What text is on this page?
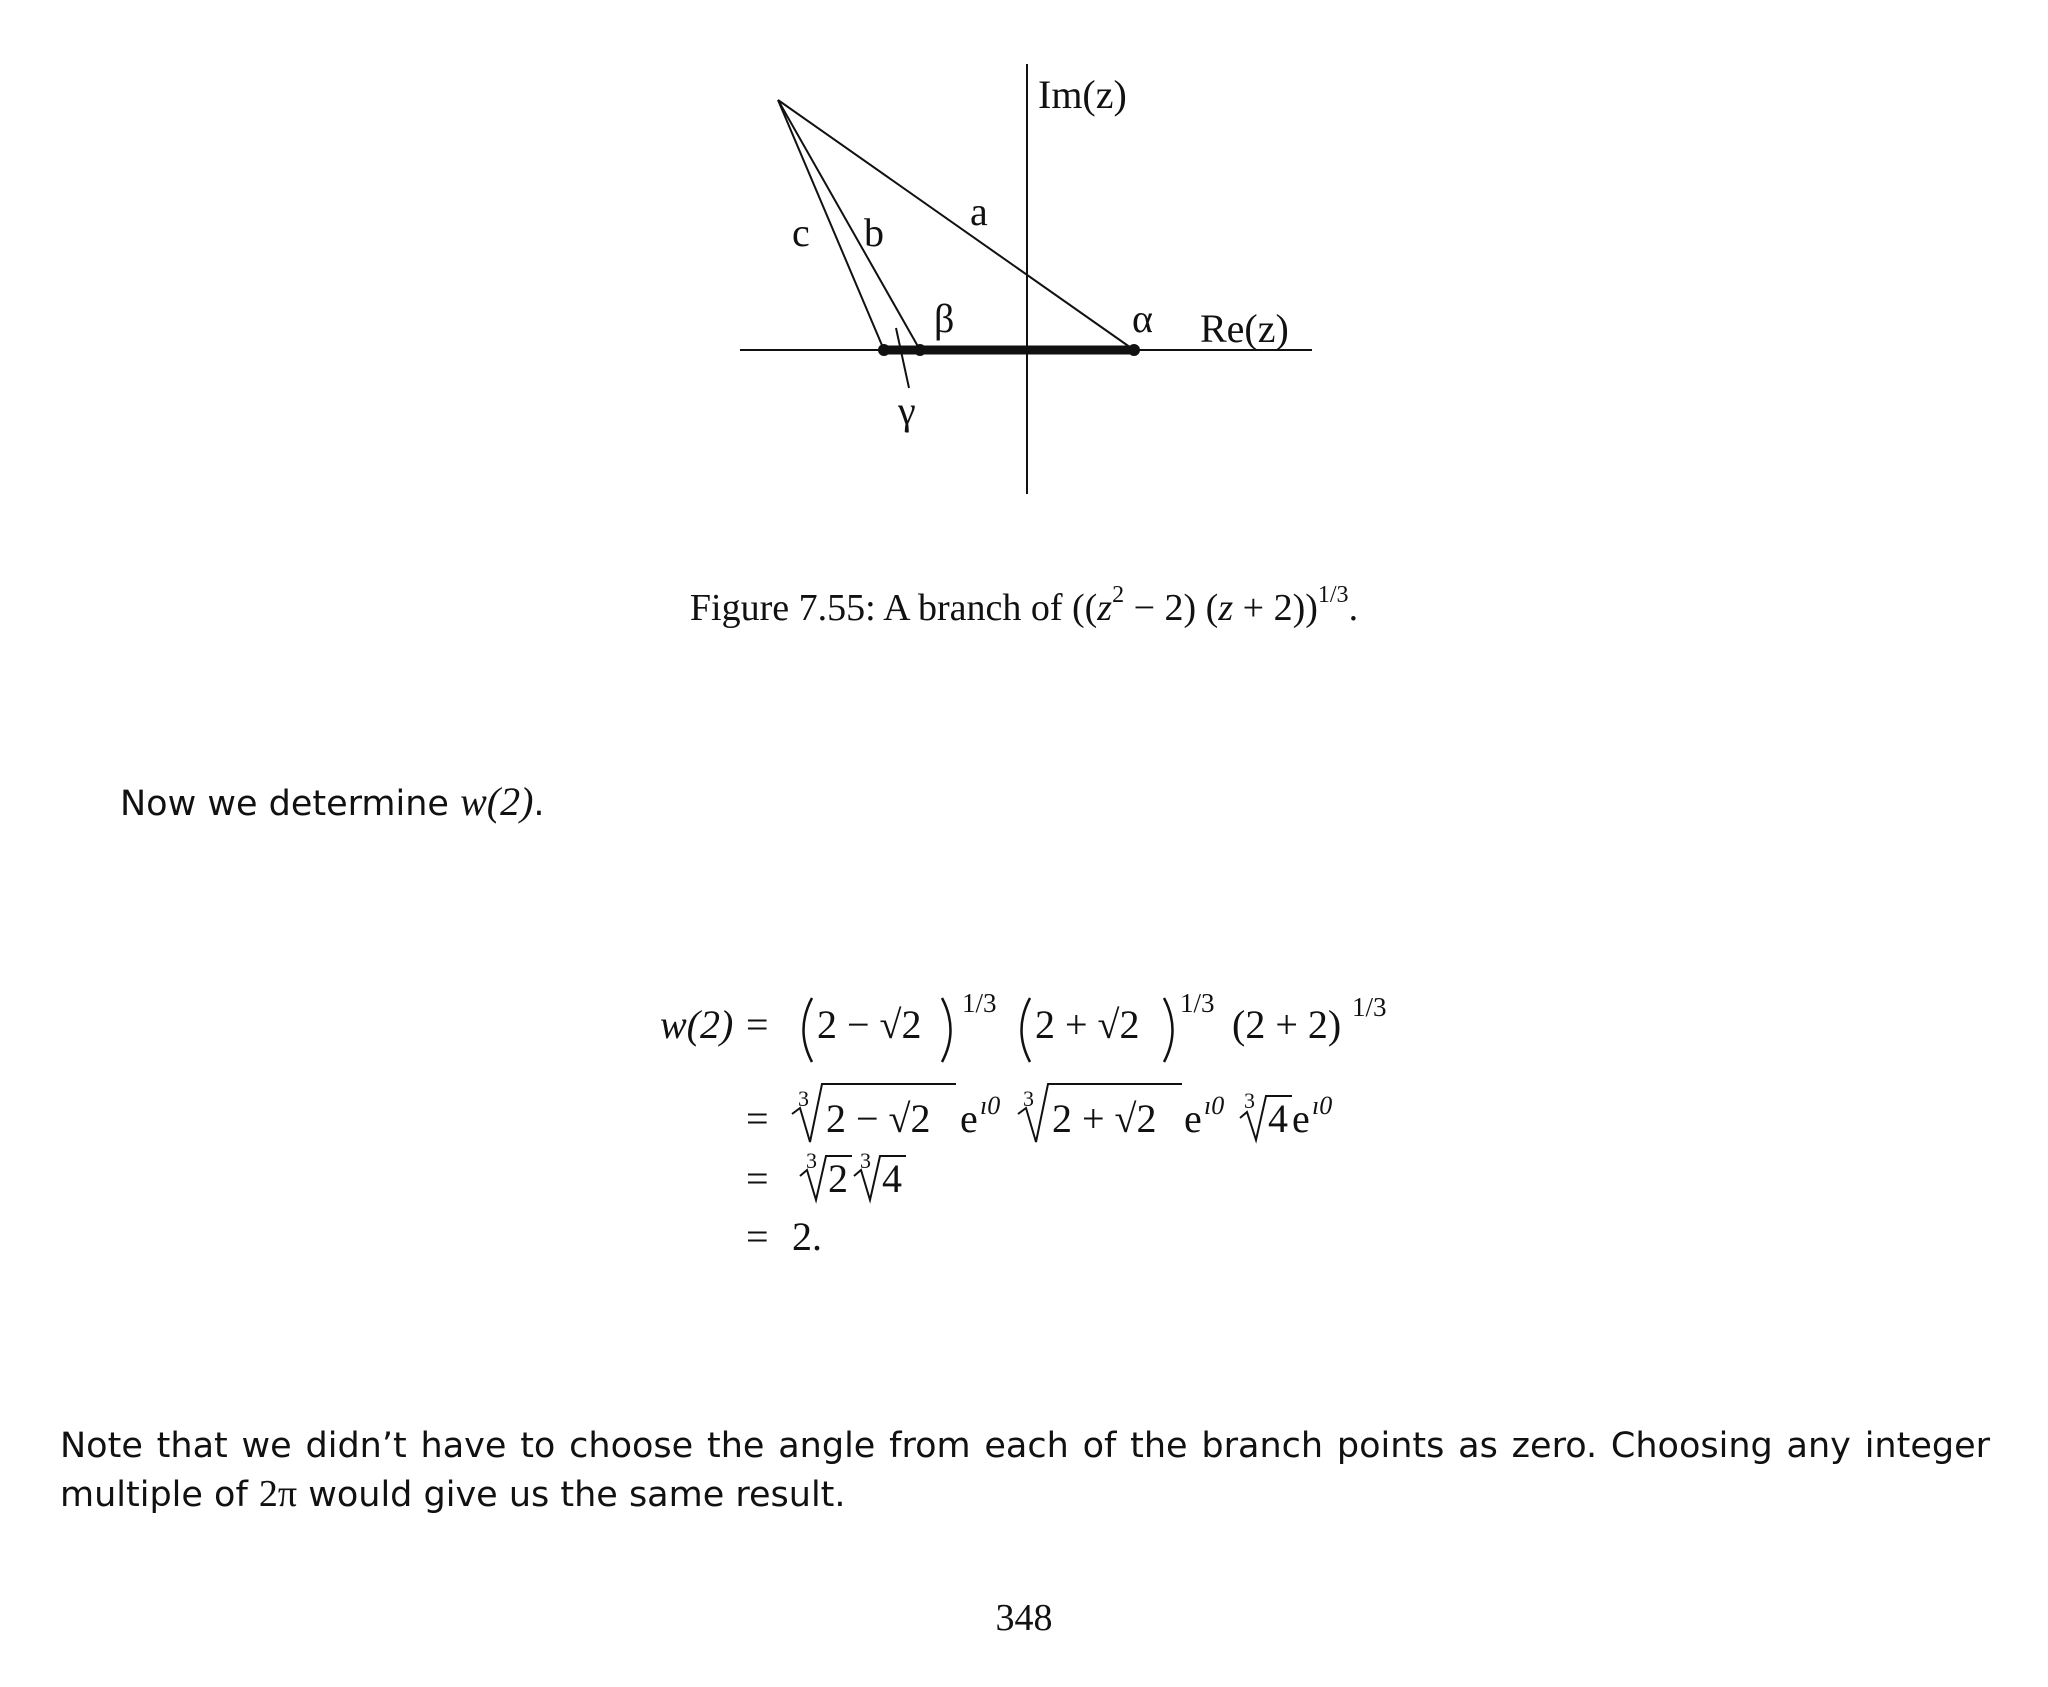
Im(z)
Re(z)
a
b
c
α
β
γ
Figure 7.55: A branch of $((z^2 - 2) (z + 2))^{1/3}$.
Now we determine w(2).
w(2) = 2 − √2 1/3 2 + √2 1/3 (2 + 2) 1/3
= 3 2 − √2 e ı0 3 2 + √2 e ı0 3 4 e ı0
= 3 2 3 4
= 2.
Note that we didn’t have to choose the angle from each of the branch points as zero. Choosing any integer multiple of 2π would give us the same result.
348
